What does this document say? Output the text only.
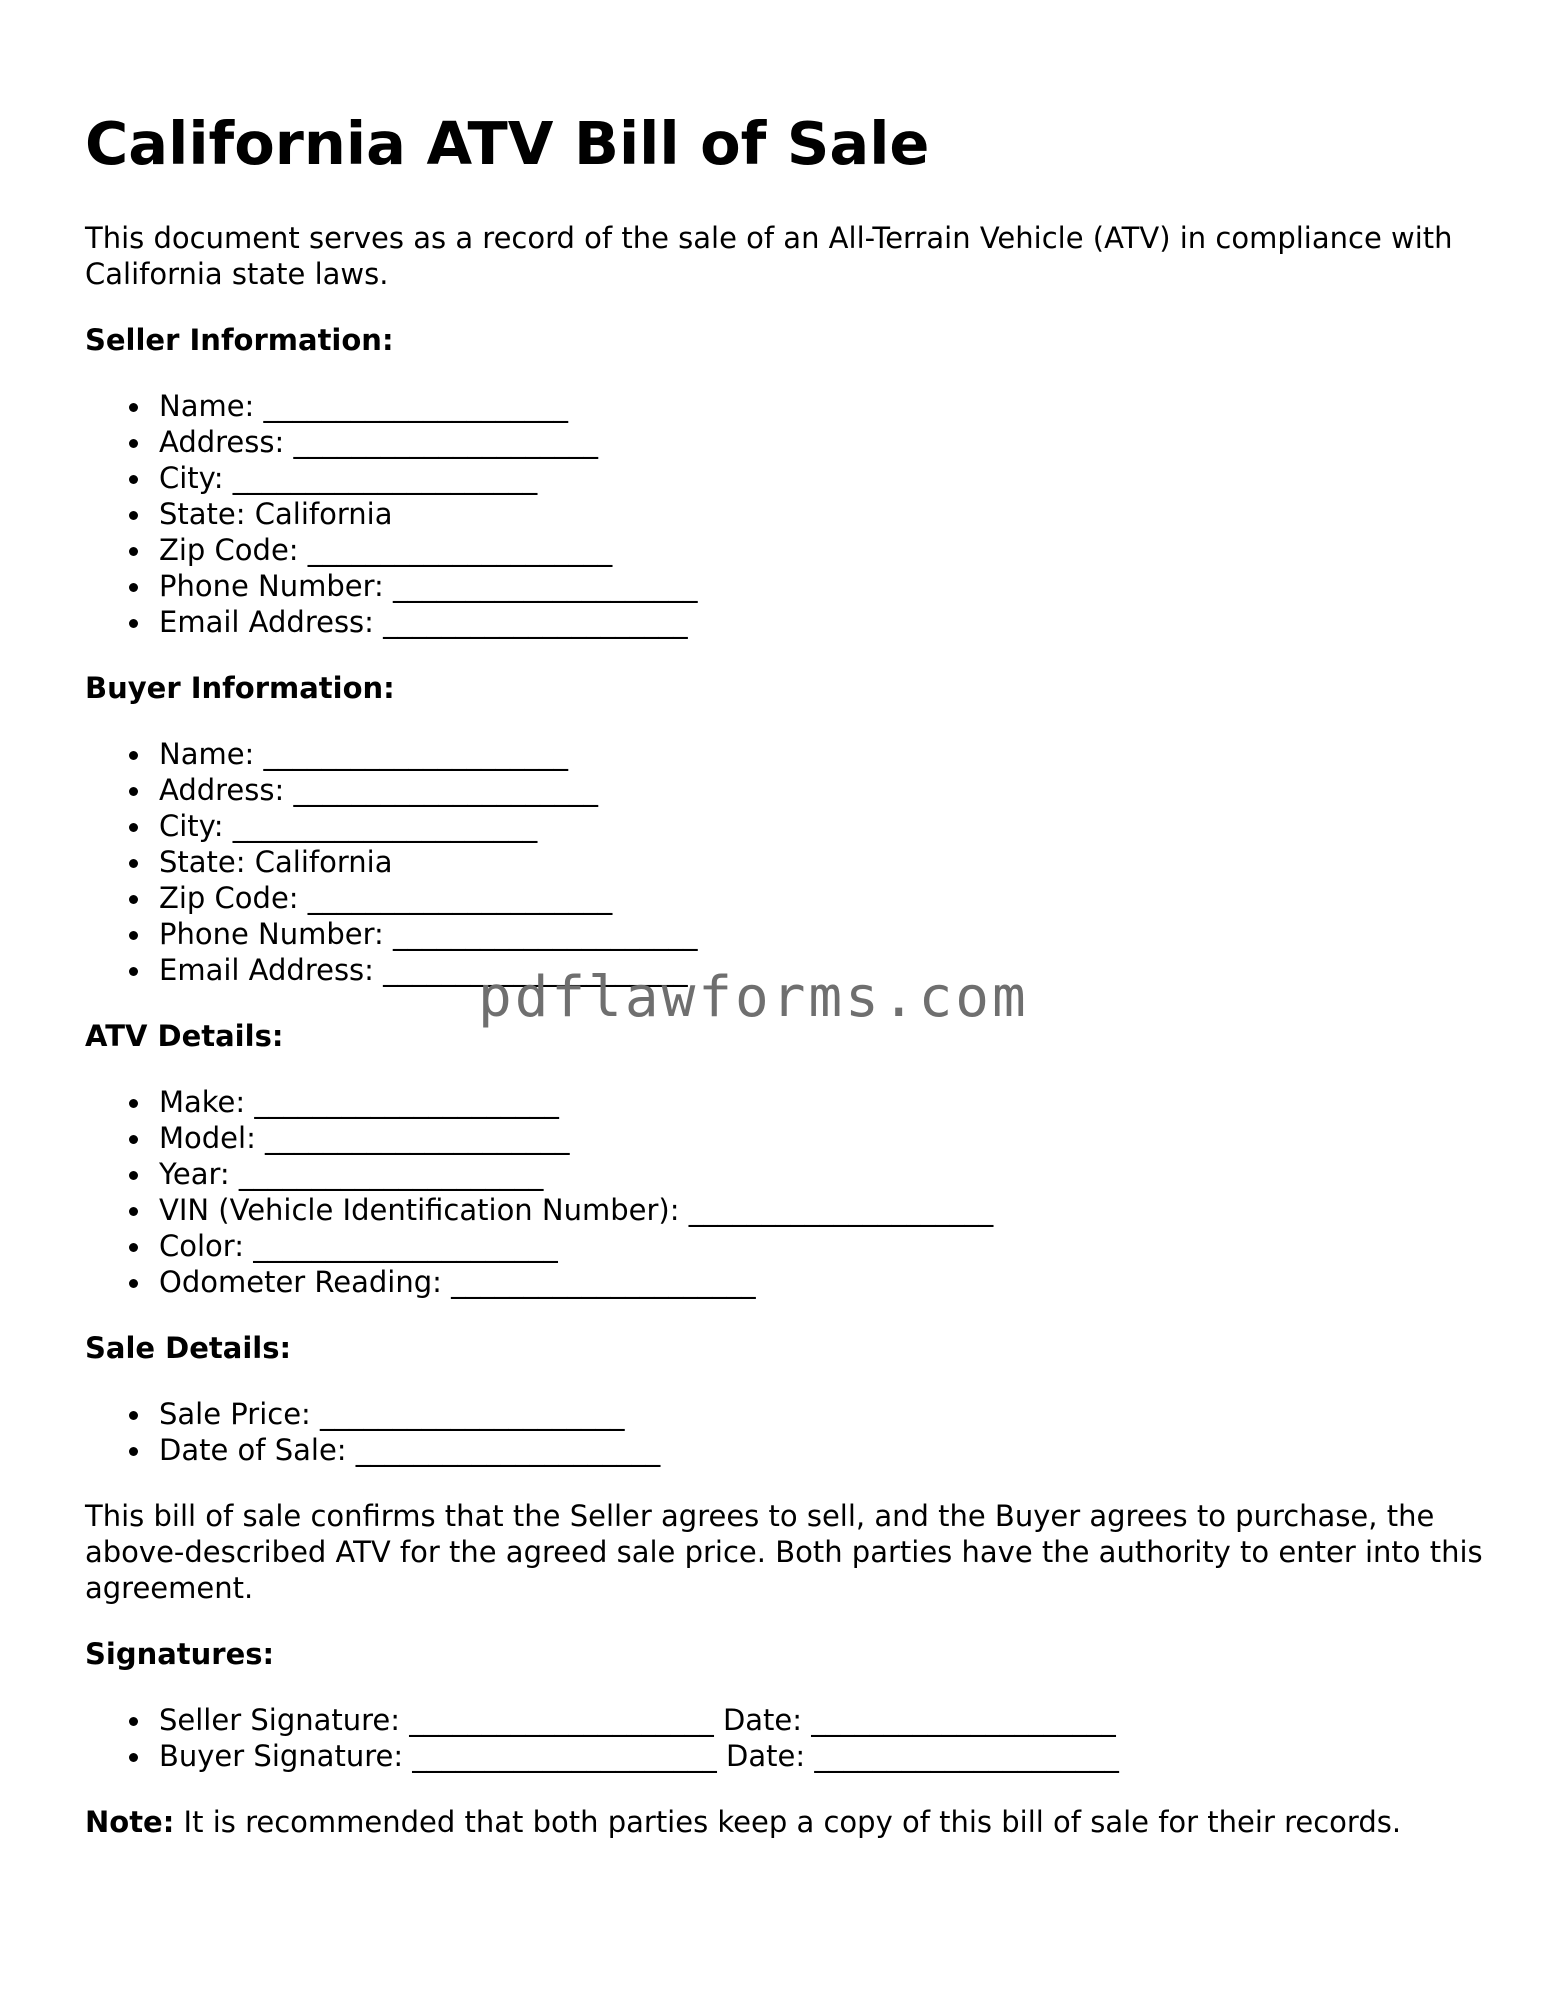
California ATV Bill of Sale

This document serves as a record of the sale of an All-Terrain Vehicle (ATV) in compliance with California state laws.

Seller Information:
Name: _____________________
Address: _____________________
City: _____________________
State: California
Zip Code: _____________________
Phone Number: _____________________
Email Address: _____________________
Buyer Information:
Name: _____________________
Address: _____________________
City: _____________________
State: California
Zip Code: _____________________
Phone Number: _____________________
Email Address: _____________________
ATV Details:
Make: _____________________
Model: _____________________
Year: _____________________
VIN (Vehicle Identification Number): _____________________
Color: _____________________
Odometer Reading: _____________________
Sale Details:
Sale Price: _____________________
Date of Sale: _____________________

This bill of sale confirms that the Seller agrees to sell, and the Buyer agrees to purchase, the above-described ATV for the agreed sale price. Both parties have the authority to enter into this agreement.

Signatures:
Seller Signature: _____________________ Date: _____________________
Buyer Signature: _____________________ Date: _____________________

Note: It is recommended that both parties keep a copy of this bill of sale for their records.

pdflawforms.com
